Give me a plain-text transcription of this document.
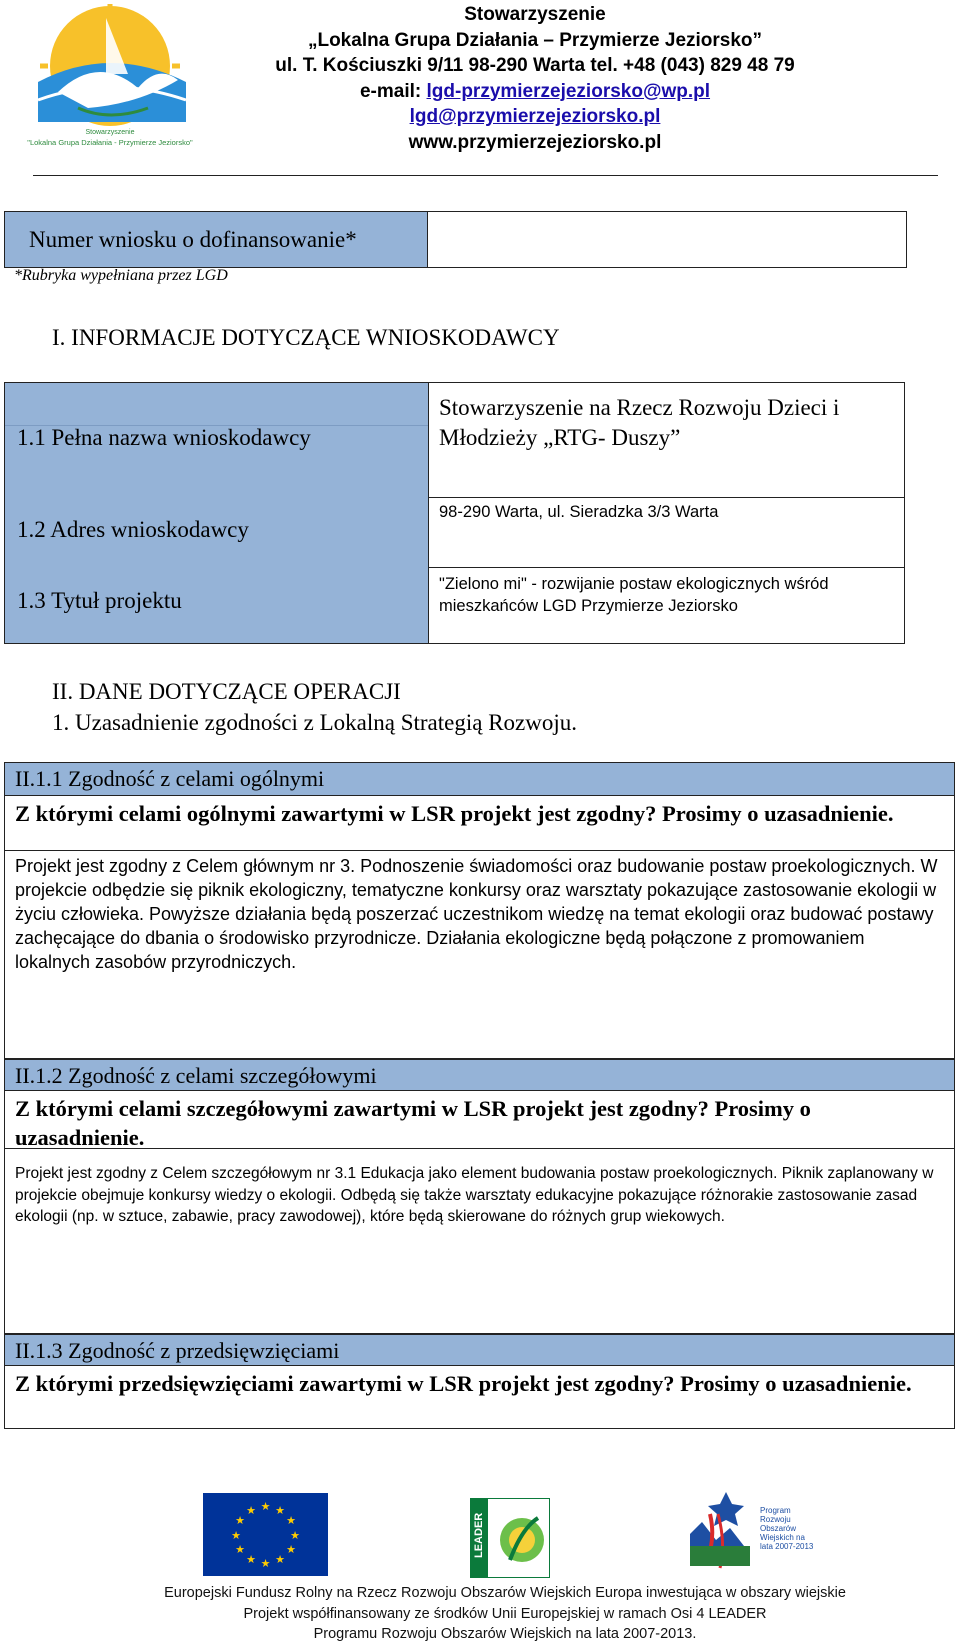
Stowarzyszenie
"Lokalna Grupa Działania - Przymierze Jeziorsko"
Stowarzyszenie
„Lokalna Grupa Działania – Przymierze Jeziorsko”
ul. T. Kościuszki 9/11 98-290 Warta tel. +48 (043) 829 48 79
e-mail: lgd-przymierzejeziorsko@wp.pl
lgd@przymierzejeziorsko.pl
www.przymierzejeziorsko.pl
Numer wniosku o dofinansowanie*
*Rubryka wypełniana przez LGD
I. INFORMACJE DOTYCZĄCE WNIOSKODAWCY
1.1 Pełna nazwa wnioskodawcy
1.2 Adres wnioskodawcy
1.3 Tytuł projektu
Stowarzyszenie na Rzecz Rozwoju Dzieci i Młodzieży „RTG- Duszy”
98-290 Warta, ul. Sieradzka 3/3 Warta
"Zielono mi" - rozwijanie postaw ekologicznych wśród mieszkańców LGD Przymierze Jeziorsko
II. DANE DOTYCZĄCE OPERACJI
1. Uzasadnienie zgodności z Lokalną Strategią Rozwoju.
II.1.1 Zgodność z celami ogólnymi
Z którymi celami ogólnymi zawartymi w LSR projekt jest zgodny? Prosimy o uzasadnienie.
Projekt jest zgodny z Celem głównym nr 3. Podnoszenie świadomości oraz budowanie postaw proekologicznych. W projekcie odbędzie się piknik ekologiczny, tematyczne konkursy oraz warsztaty pokazujące zastosowanie ekologii w życiu człowieka. Powyższe działania będą poszerzać uczestnikom wiedzę na temat ekologii oraz budować postawy zachęcające do dbania o środowisko przyrodnicze. Działania ekologiczne będą połączone z promowaniem lokalnych zasobów przyrodniczych.
II.1.2 Zgodność z celami szczegółowymi
Z którymi celami szczegółowymi zawartymi w LSR projekt jest zgodny? Prosimy o uzasadnienie.
Projekt jest zgodny z Celem szczegółowym nr 3.1 Edukacja jako element budowania postaw proekologicznych. Piknik zaplanowany w projekcie obejmuje konkursy wiedzy o ekologii. Odbędą się także warsztaty edukacyjne pokazujące różnorakie zastosowanie zasad ekologii (np. w sztuce, zabawie, pracy zawodowej), które będą skierowane do różnych grup wiekowych.
II.1.3 Zgodność z przedsięwzięciami
Z którymi przedsięwzięciami zawartymi w LSR projekt jest zgodny? Prosimy o uzasadnienie.
★ ★
★
★
★
★
★
★
★
★
★
★
LEADER
Program Rozwoju Obszarów Wiejskich na lata 2007-2013
Europejski Fundusz Rolny na Rzecz Rozwoju Obszarów Wiejskich Europa inwestująca w obszary wiejskie
Projekt współfinansowany ze środków Unii Europejskiej w ramach Osi 4 LEADER
Programu Rozwoju Obszarów Wiejskich na lata 2007-2013.
